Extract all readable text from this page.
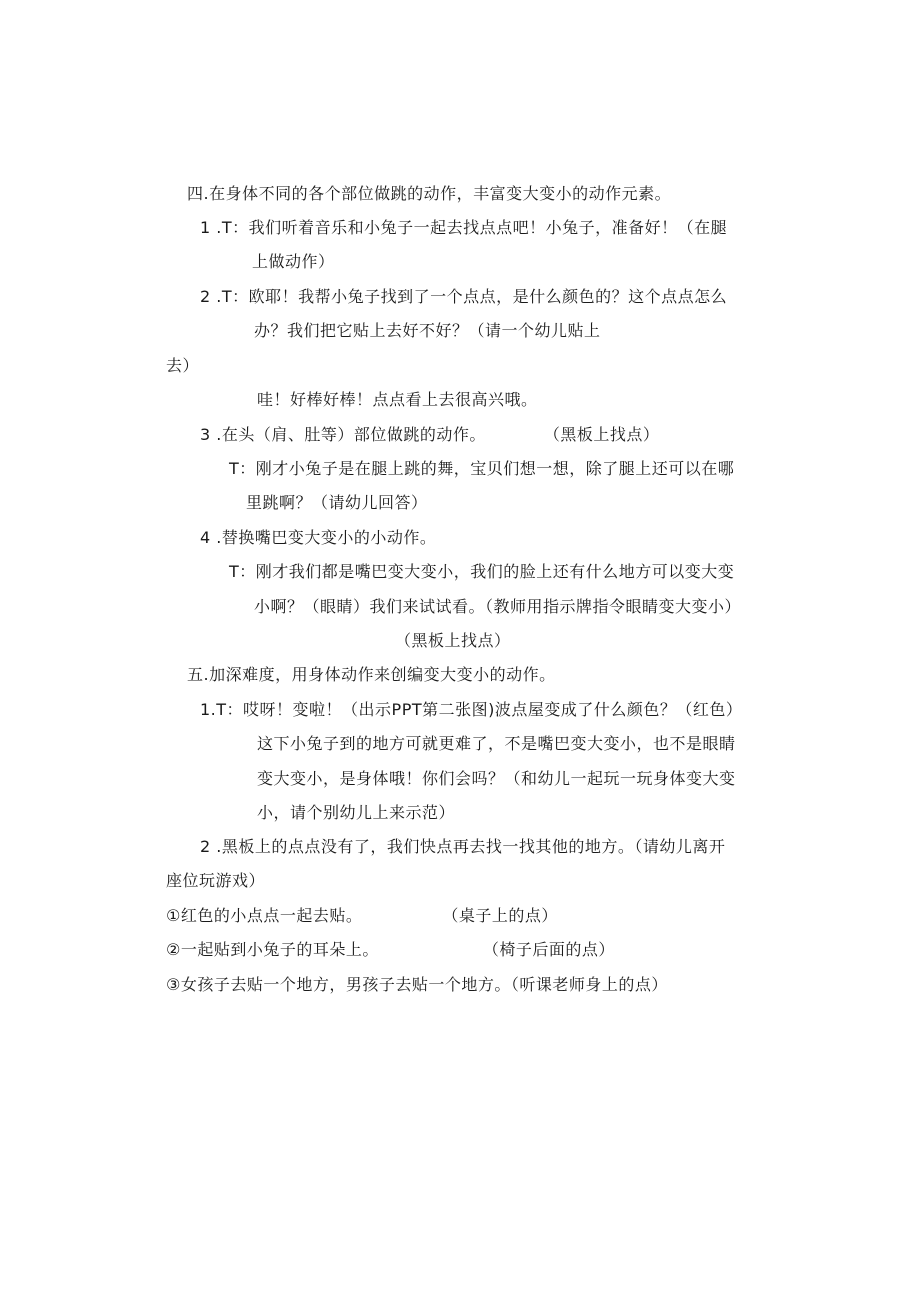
四.在身体不同的各个部位做跳的动作，丰富变大变小的动作元素。
1 .T：我们听着音乐和小兔子一起去找点点吧！小兔子，准备好！（在腿
上做动作）
2 .T：欧耶！我帮小兔子找到了一个点点，是什么颜色的？这个点点怎么
办？我们把它贴上去好不好？（请一个幼儿贴上
去）
哇！好棒好棒！点点看上去很高兴哦。
3 .在头（肩、肚等）部位做跳的动作。	（黑板上找点）
T：刚才小兔子是在腿上跳的舞，宝贝们想一想，除了腿上还可以在哪
里跳啊？（请幼儿回答）
4 .替换嘴巴变大变小的小动作。
T：刚才我们都是嘴巴变大变小，我们的脸上还有什么地方可以变大变
小啊？（眼睛）我们来试试看。（教师用指示牌指令眼睛变大变小）
（黑板上找点）
五.加深难度，用身体动作来创编变大变小的动作。
1.T：哎呀！变啦！（出示PPT第二张图)波点屋变成了什么颜色？（红色）
这下小兔子到的地方可就更难了，不是嘴巴变大变小，也不是眼睛
变大变小，是身体哦！你们会吗？（和幼儿一起玩一玩身体变大变
小，请个别幼儿上来示范）
2 .黑板上的点点没有了，我们快点再去找一找其他的地方。（请幼儿离开
座位玩游戏）
①红色的小点点一起去贴。	（桌子上的点）
②一起贴到小兔子的耳朵上。	（椅子后面的点）
③女孩子去贴一个地方，男孩子去贴一个地方。（听课老师身上的点）
